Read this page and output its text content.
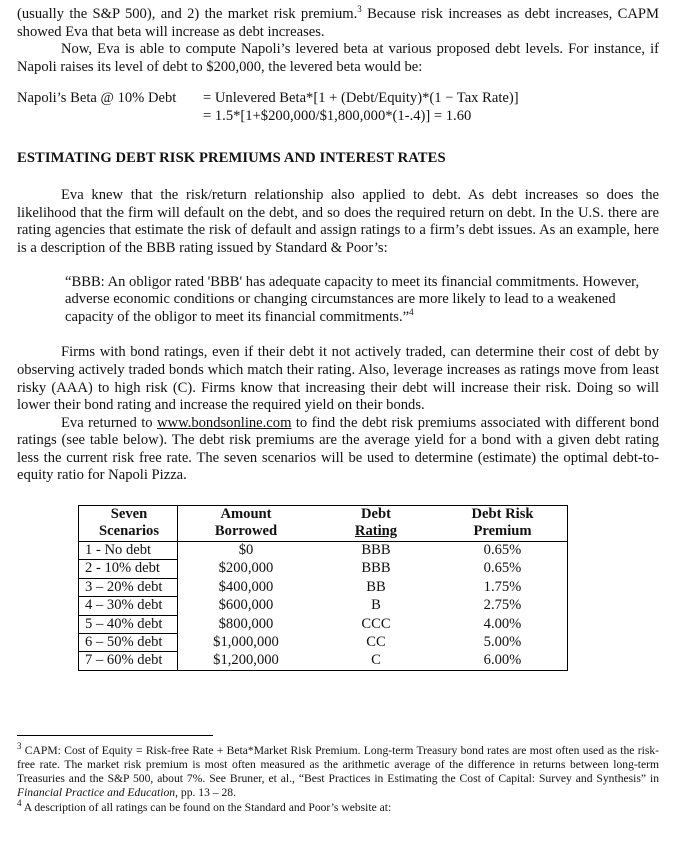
(usually the S&P 500), and 2) the market risk premium.$^3$ Because risk increases as debt increases, CAPM showed Eva that beta will increase as debt increases.

Now, Eva is able to compute Napoli’s levered beta at various proposed debt levels. For instance, if Napoli raises its level of debt to $200,000, the levered beta would be:

Napoli’s Beta @ 10% Debt	= Unlevered Beta*[1 + (Debt/Equity)*(1 − Tax Rate)]
= 1.5*[1+$200,000/$1,800,000*(1-.4)] = 1.60

ESTIMATING DEBT RISK PREMIUMS AND INTEREST RATES

Eva knew that the risk/return relationship also applied to debt. As debt increases so does the likelihood that the firm will default on the debt, and so does the required return on debt. In the U.S. there are rating agencies that estimate the risk of default and assign ratings to a firm’s debt issues. As an example, here is a description of the BBB rating issued by Standard & Poor’s:

“BBB: An obligor rated 'BBB' has adequate capacity to meet its financial commitments. However, adverse economic conditions or changing circumstances are more likely to lead to a weakened capacity of the obligor to meet its financial commitments.”$^4$

Firms with bond ratings, even if their debt it not actively traded, can determine their cost of debt by observing actively traded bonds which match their rating. Also, leverage increases as ratings move from least risky (AAA) to high risk (C). Firms know that increasing their debt will increase their risk. Doing so will lower their bond rating and increase the required yield on their bonds.

Eva returned to www.bondsonline.com to find the debt risk premiums associated with different bond ratings (see table below). The debt risk premiums are the average yield for a bond with a given debt rating less the current risk free rate. The seven scenarios will be used to determine (estimate) the optimal debt-to-equity ratio for Napoli Pizza.

Seven	Amount	Debt	Debt Risk
Scenarios	Borrowed	Rating	Premium
1 - No debt	$0	BBB	0.65%
2 - 10% debt	$200,000	BBB	0.65%
3 – 20% debt	$400,000	BB	1.75%
4 – 30% debt	$600,000	B	2.75%
5 – 40% debt	$800,000	CCC	4.00%
6 – 50% debt	$1,000,000	CC	5.00%
7 – 60% debt	$1,200,000	C	6.00%

$^3$ CAPM: Cost of Equity = Risk-free Rate + Beta*Market Risk Premium. Long-term Treasury bond rates are most often used as the risk-free rate. The market risk premium is most often measured as the arithmetic average of the difference in returns between long-term Treasuries and the S&P 500, about 7%. See Bruner, et al., “Best Practices in Estimating the Cost of Capital: Survey and Synthesis” in Financial Practice and Education, pp. 13 – 28.

$^4$ A description of all ratings can be found on the Standard and Poor’s website at:
